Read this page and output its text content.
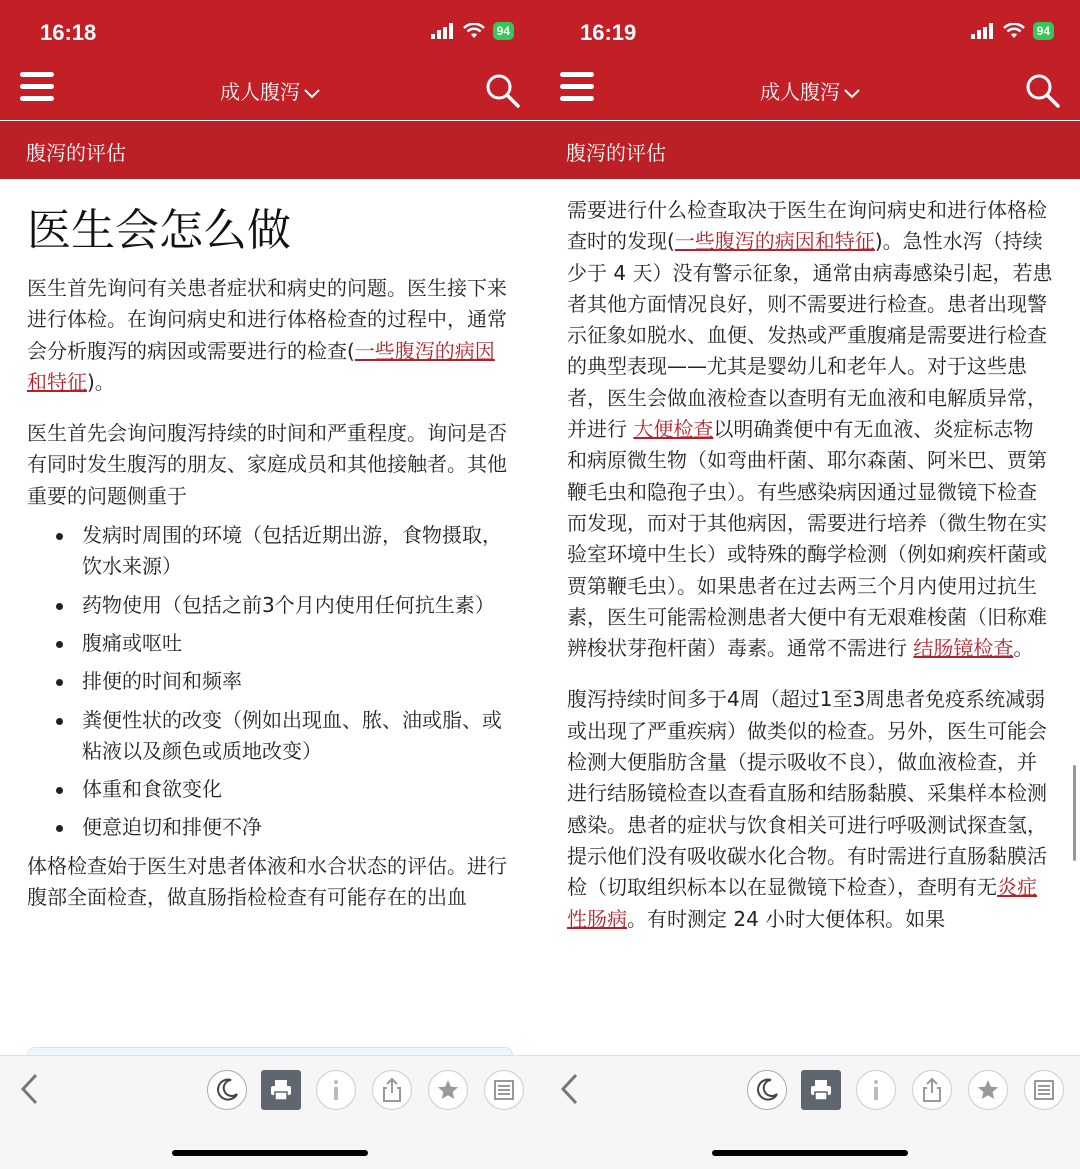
16:18	94
成人腹泻
腹泻的评估
医生会怎么做

医生首先询问有关患者症状和病史的问题。医生接下来进行体检。在询问病史和进行体格检查的过程中，通常会分析腹泻的病因或需要进行的检查(一些腹泻的病因和特征)。

医生首先会询问腹泻持续的时间和严重程度。询问是否有同时发生腹泻的朋友、家庭成员和其他接触者。其他重要的问题侧重于

发病时周围的环境（包括近期出游，食物摄取，饮水来源）
药物使用（包括之前3个月内使用任何抗生素）
腹痛或呕吐
排便的时间和频率
粪便性状的改变（例如出现血、脓、油或脂、或粘液以及颜色或质地改变）
体重和食欲变化
便意迫切和排便不净

体格检查始于医生对患者体液和水合状态的评估。进行腹部全面检查，做直肠指检检查有可能存在的出血

16:19	94
成人腹泻
腹泻的评估

需要进行什么检查取决于医生在询问病史和进行体格检查时的发现(一些腹泻的病因和特征)。急性水泻（持续少于 4 天）没有警示征象，通常由病毒感染引起，若患者其他方面情况良好，则不需要进行检查。患者出现警示征象如脱水、血便、发热或严重腹痛是需要进行检查的典型表现——尤其是婴幼儿和老年人。对于这些患者，医生会做血液检查以查明有无血液和电解质异常，并进行 大便检查以明确粪便中有无血液、炎症标志物和病原微生物（如弯曲杆菌、耶尔森菌、阿米巴、贾第鞭毛虫和隐孢子虫）。有些感染病因通过显微镜下检查而发现，而对于其他病因，需要进行培养（微生物在实验室环境中生长）或特殊的酶学检测（例如痢疾杆菌或贾第鞭毛虫）。如果患者在过去两三个月内使用过抗生素，医生可能需检测患者大便中有无艰难梭菌（旧称难辨梭状芽孢杆菌）毒素。通常不需进行 结肠镜检查。

腹泻持续时间多于4周（超过1至3周患者免疫系统减弱或出现了严重疾病）做类似的检查。另外，医生可能会检测大便脂肪含量（提示吸收不良），做血液检查，并进行结肠镜检查以查看直肠和结肠黏膜、采集样本检测感染。患者的症状与饮食相关可进行呼吸测试探查氢，提示他们没有吸收碳水化合物。有时需进行直肠黏膜活检（切取组织标本以在显微镜下检查），查明有无炎症性肠病。有时测定 24 小时大便体积。如果
